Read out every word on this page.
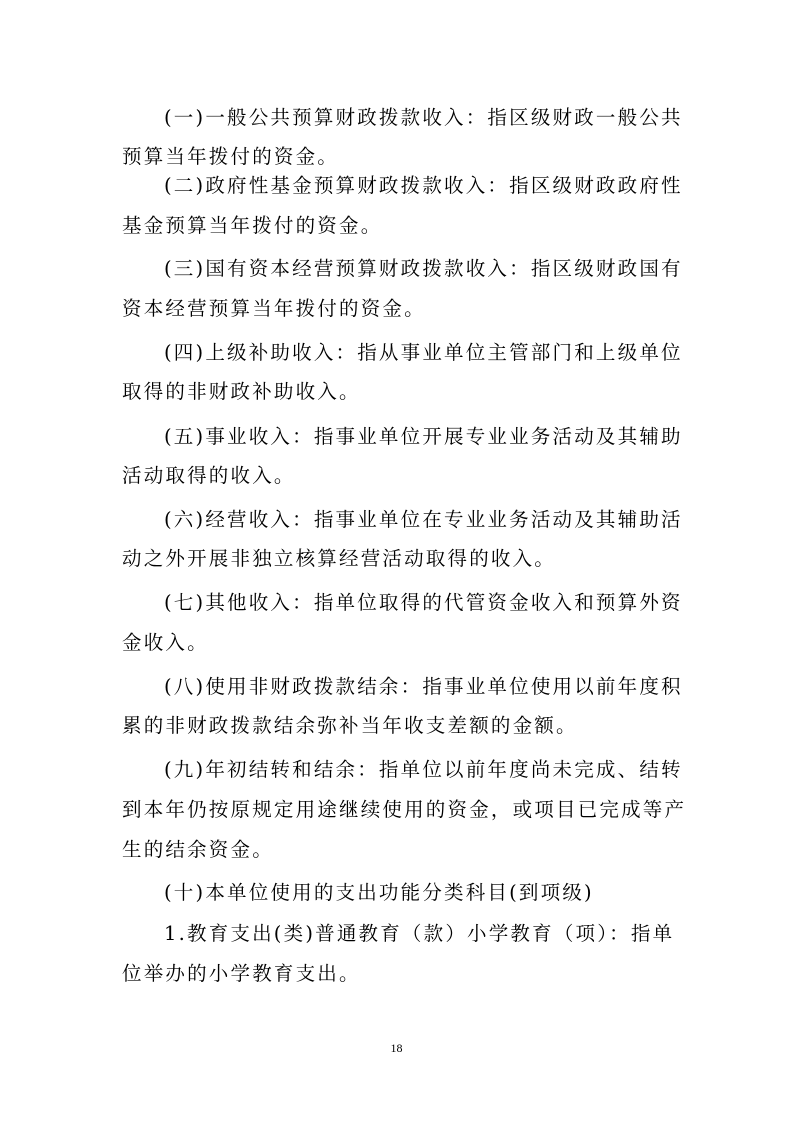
(一)一般公共预算财政拨款收入：指区级财政一般公共
预算当年拨付的资金。
(二)政府性基金预算财政拨款收入：指区级财政政府性
基金预算当年拨付的资金。
(三)国有资本经营预算财政拨款收入：指区级财政国有
资本经营预算当年拨付的资金。
(四)上级补助收入：指从事业单位主管部门和上级单位
取得的非财政补助收入。
(五)事业收入：指事业单位开展专业业务活动及其辅助
活动取得的收入。
(六)经营收入：指事业单位在专业业务活动及其辅助活
动之外开展非独立核算经营活动取得的收入。
(七)其他收入：指单位取得的代管资金收入和预算外资
金收入。
(八)使用非财政拨款结余：指事业单位使用以前年度积
累的非财政拨款结余弥补当年收支差额的金额。
(九)年初结转和结余：指单位以前年度尚未完成、结转
到本年仍按原规定用途继续使用的资金，或项目已完成等产
生的结余资金。
(十)本单位使用的支出功能分类科目(到项级)
1.教育支出(类)普通教育（款）小学教育（项）：指单
位举办的小学教育支出。
18
